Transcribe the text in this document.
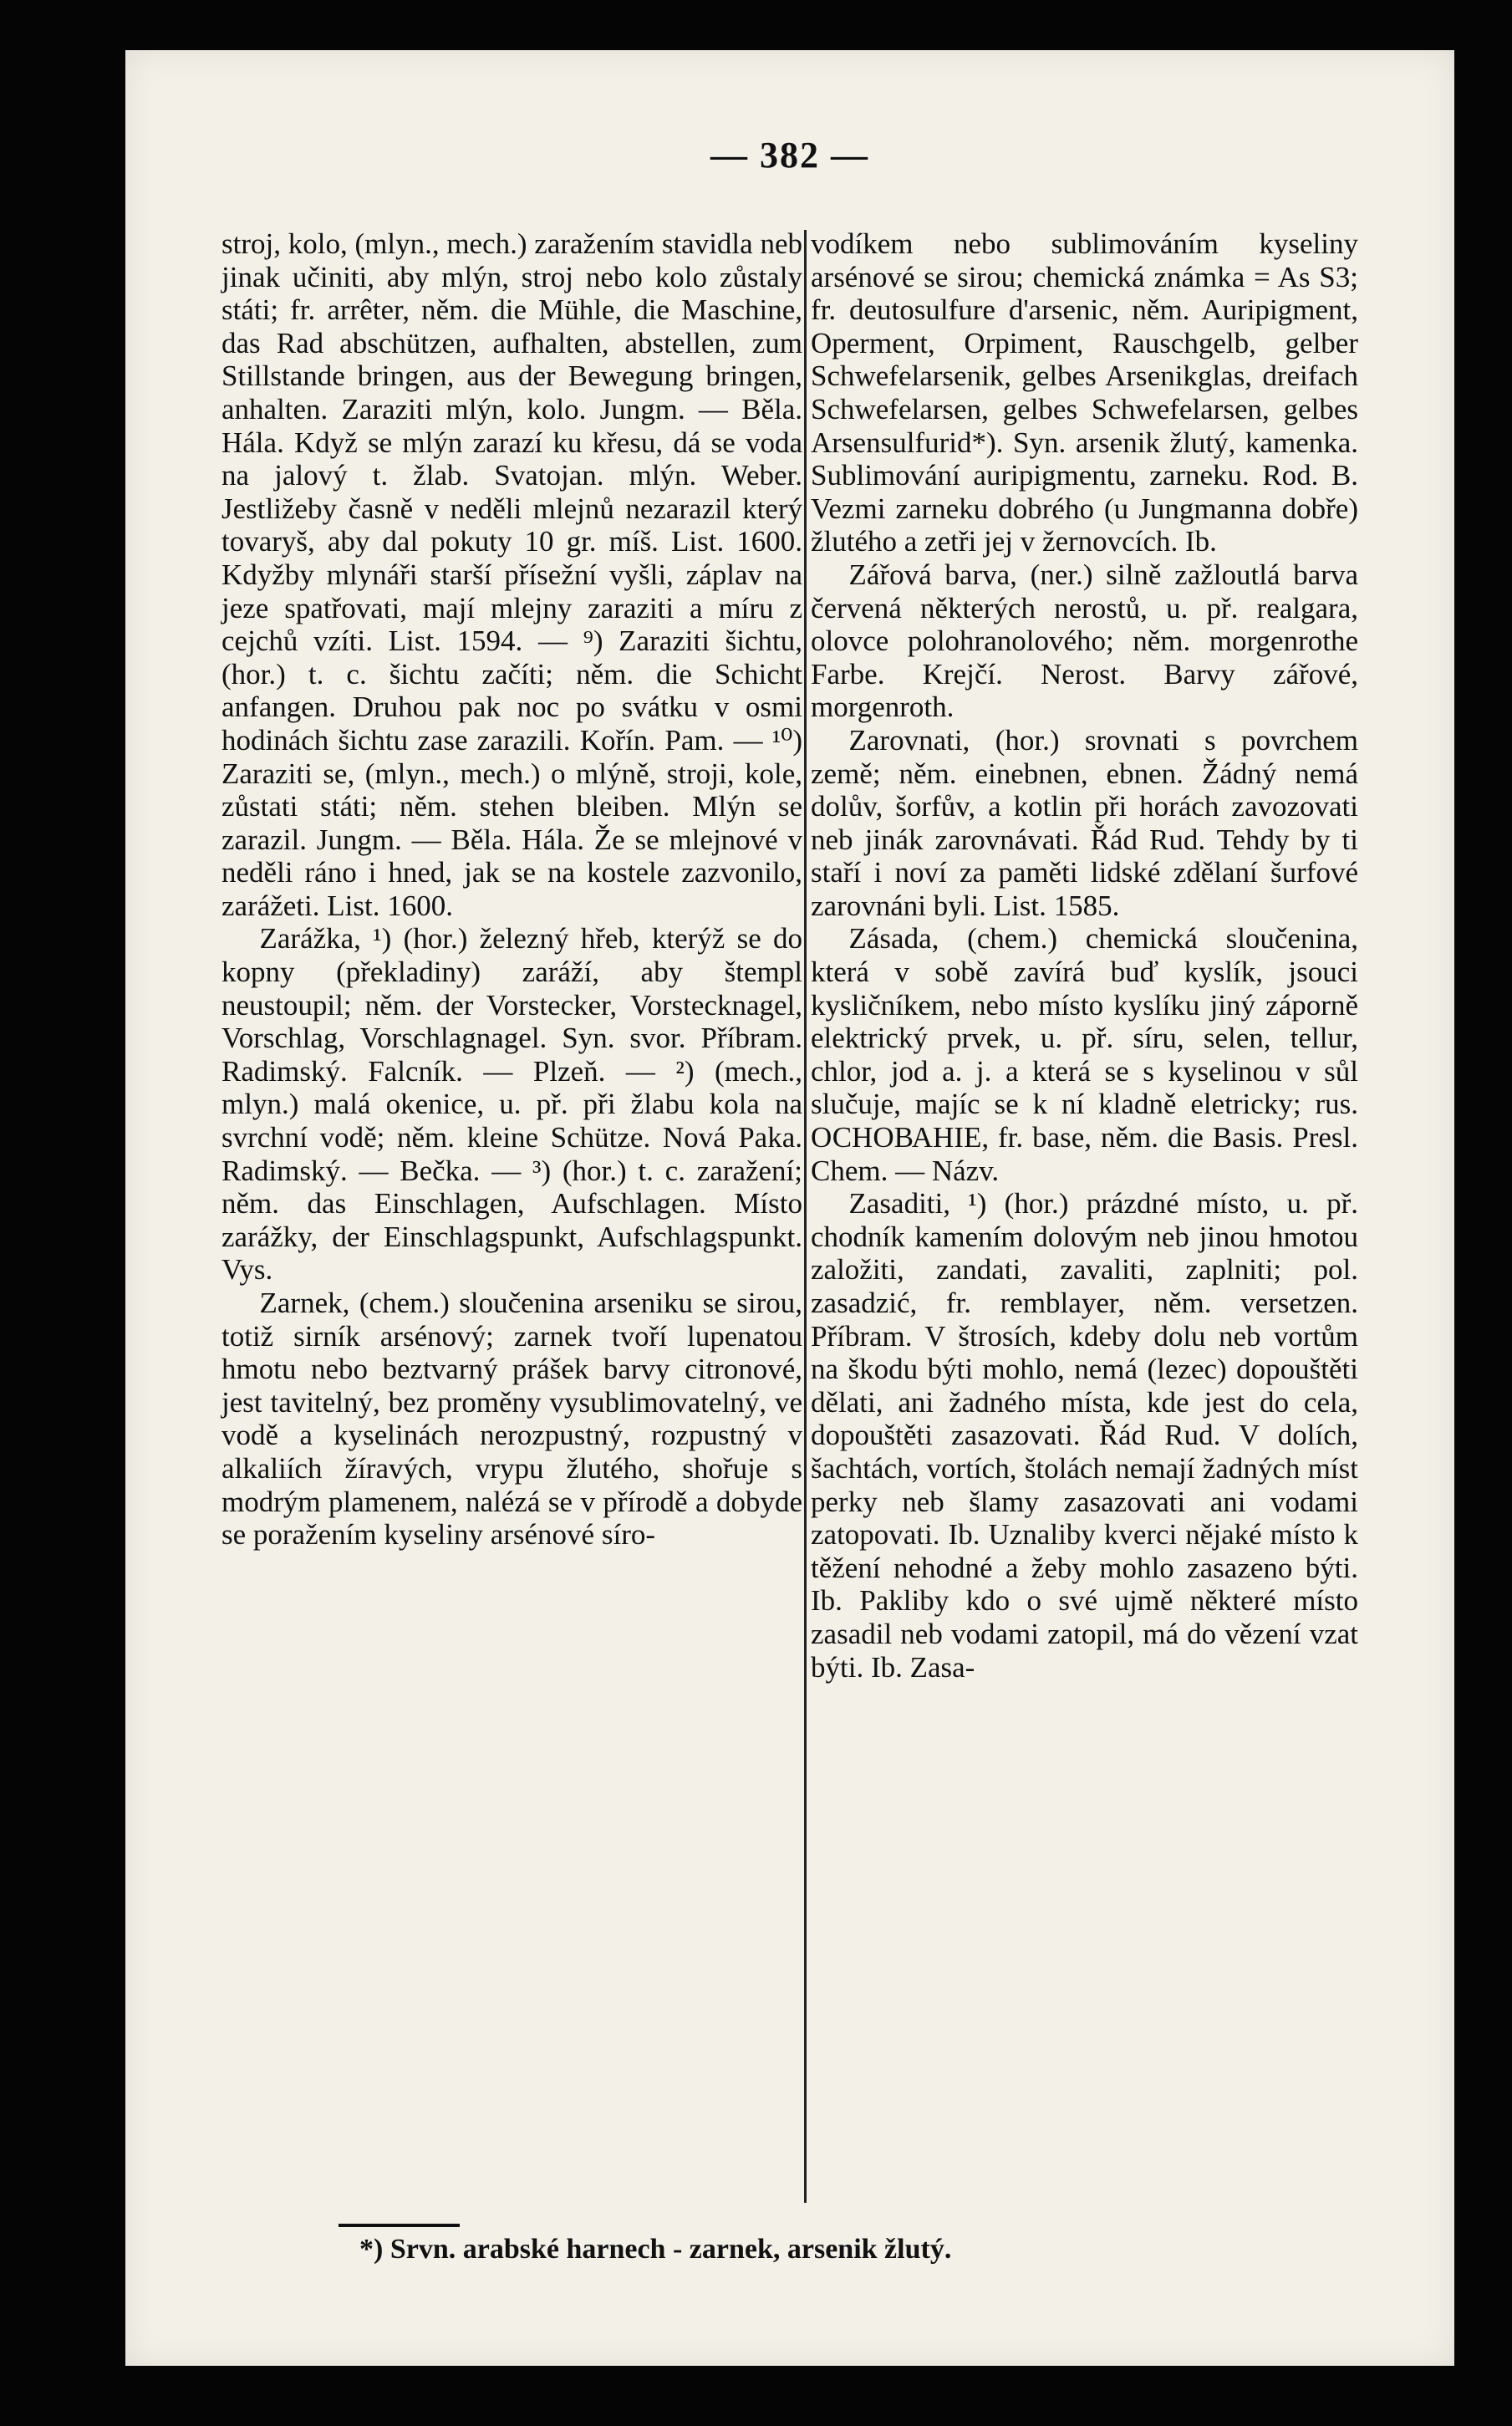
— 382 —

stroj, kolo, (mlyn., mech.) zaražením stavidla neb jinak učiniti, aby mlýn, stroj nebo kolo zůstaly státi; fr. arrêter, něm. die Mühle, die Maschine, das Rad abschützen, aufhalten, abstellen, zum Stillstande bringen, aus der Bewegung bringen, anhalten. Zaraziti mlýn, kolo. Jungm. — Běla. Hála. Když se mlýn zarazí ku křesu, dá se voda na jalový t. žlab. Svatojan. mlýn. Weber. Jestližeby časně v neděli mlejnů nezarazil který tovaryš, aby dal pokuty 10 gr. míš. List. 1600. Kdyžby mlynáři starší přísežní vyšli, záplav na jeze spatřovati, mají mlejny zaraziti a míru z cejchů vzíti. List. 1594. — ⁹) Zaraziti šichtu, (hor.) t. c. šichtu začíti; něm. die Schicht anfangen. Druhou pak noc po svátku v osmi hodinách šichtu zase zarazili. Kořín. Pam. — ¹⁰) Zaraziti se, (mlyn., mech.) o mlýně, stroji, kole, zůstati státi; něm. stehen bleiben. Mlýn se zarazil. Jungm. — Běla. Hála. Že se mlejnové v neděli ráno i hned, jak se na kostele zazvonilo, zarážeti. List. 1600.

Zarážka, ¹) (hor.) železný hřeb, kterýž se do kopny (překladiny) zaráží, aby štempl neustoupil; něm. der Vorstecker, Vorstecknagel, Vorschlag, Vorschlagnagel. Syn. svor. Příbram. Radimský. Falcník. — Plzeň. — ²) (mech., mlyn.) malá okenice, u. př. při žlabu kola na svrchní vodě; něm. kleine Schütze. Nová Paka. Radimský. — Bečka. — ³) (hor.) t. c. zaražení; něm. das Einschlagen, Aufschlagen. Místo zarážky, der Einschlagspunkt, Aufschlagspunkt. Vys.

Zarnek, (chem.) sloučenina arseniku se sirou, totiž sirník arsénový; zarnek tvoří lupenatou hmotu nebo beztvarný prášek barvy citronové, jest tavitelný, bez proměny vysublimovatelný, ve vodě a kyselinách nerozpustný, rozpustný v alkaliích žíravých, vrypu žlutého, shořuje s modrým plamenem, nalézá se v přírodě a dobyde se poražením kyseliny arsénové síro-

vodíkem nebo sublimováním kyseliny arsénové se sirou; chemická známka = As S3; fr. deutosulfure d'arsenic, něm. Auripigment, Operment, Orpiment, Rauschgelb, gelber Schwefelarsenik, gelbes Arsenikglas, dreifach Schwefelarsen, gelbes Schwefelarsen, gelbes Arsensulfurid*). Syn. arsenik žlutý, kamenka. Sublimování auripigmentu, zarneku. Rod. B. Vezmi zarneku dobrého (u Jungmanna dobře) žlutého a zetři jej v žernovcích. Ib.

Zářová barva, (ner.) silně zažloutlá barva červená některých nerostů, u. př. realgara, olovce polohranolového; něm. morgenrothe Farbe. Krejčí. Nerost. Barvy zářové, morgenroth.

Zarovnati, (hor.) srovnati s povrchem země; něm. einebnen, ebnen. Žádný nemá dolův, šorfův, a kotlin při horách zavozovati neb jinák zarovnávati. Řád Rud. Tehdy by ti staří i noví za paměti lidské zdělaní šurfové zarovnáni byli. List. 1585.

Zásada, (chem.) chemická sloučenina, která v sobě zavírá buď kyslík, jsouci kysličníkem, nebo místo kyslíku jiný záporně elektrický prvek, u. př. síru, selen, tellur, chlor, jod a. j. a která se s kyselinou v sůl slučuje, majíc se k ní kladně eletricky; rus. ОСНОВАНІЕ, fr. base, něm. die Basis. Presl. Chem. — Názv.

Zasaditi, ¹) (hor.) prázdné místo, u. př. chodník kamením dolovým neb jinou hmotou založiti, zandati, zavaliti, zaplniti; pol. zasadzić, fr. remblayer, něm. versetzen. Příbram. V štrosích, kdeby dolu neb vortům na škodu býti mohlo, nemá (lezec) dopouštěti dělati, ani žadného místa, kde jest do cela, dopouštěti zasazovati. Řád Rud. V dolích, šachtách, vortích, štolách nemají žadných míst perky neb šlamy zasazovati ani vodami zatopovati. Ib. Uznaliby kverci nějaké místo k těžení nehodné a žeby mohlo zasazeno býti. Ib. Pakliby kdo o své ujmě některé místo zasadil neb vodami zatopil, má do vězení vzat býti. Ib. Zasa-

*) Srvn. arabské harnech ‑ zarnek, arsenik žlutý.
